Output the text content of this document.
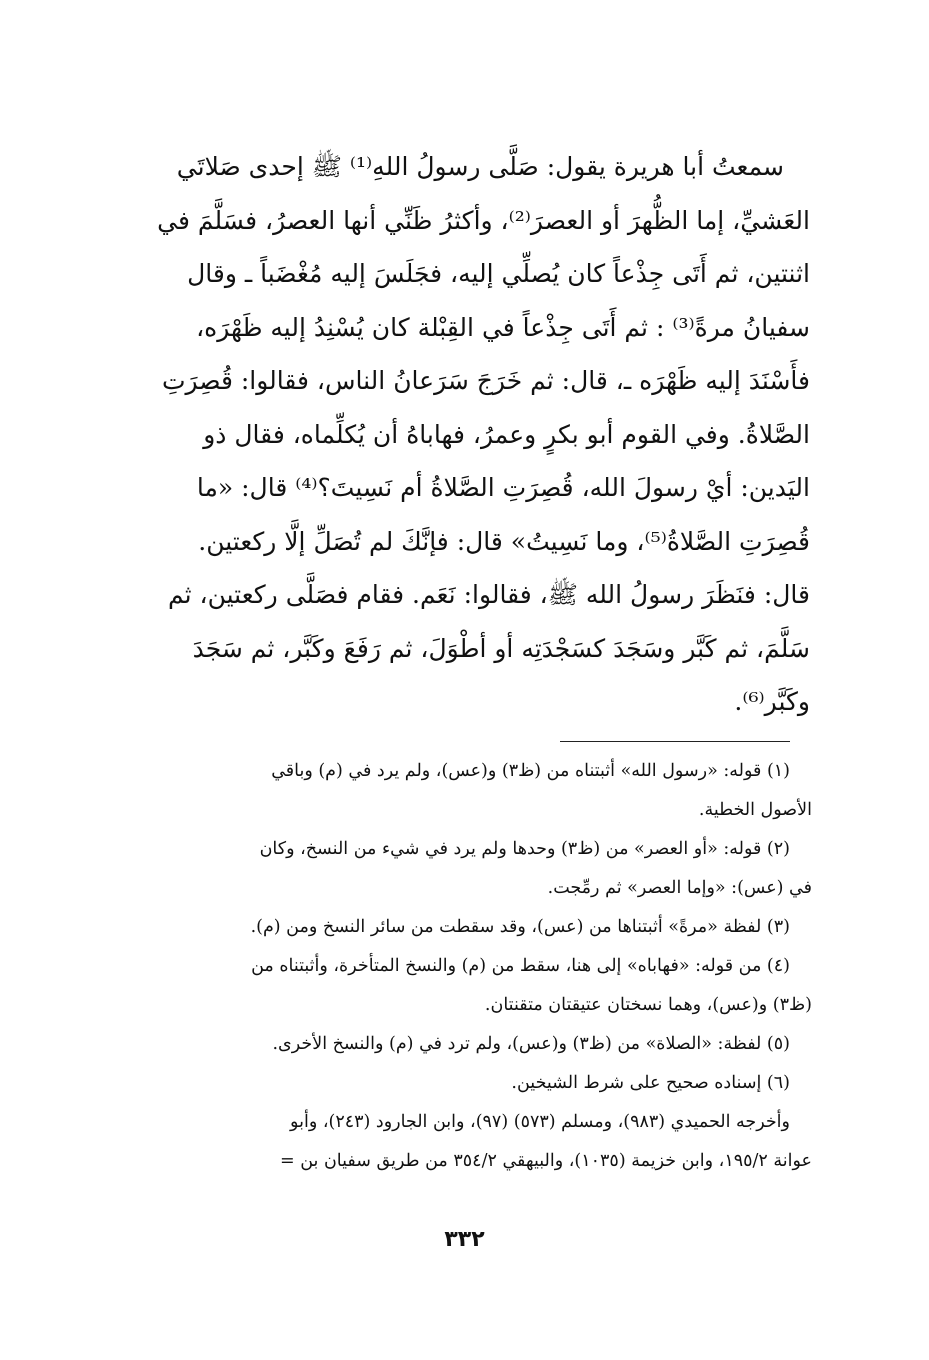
سمعتُ أبا هريرة يقول: صَلَّى رسولُ اللهِ⁽¹⁾ ﷺ إحدى صَلاتَي
العَشيِّ، إما الظُّهرَ أو العصرَ⁽²⁾، وأكثرُ ظَنِّي أنها العصرُ، فسَلَّمَ في
اثنتين، ثم أَتَى جِذْعاً كان يُصلِّي إليه، فجَلَسَ إليه مُغْضَباً ـ وقال
سفيانُ مرةً⁽³⁾ : ثم أَتَى جِذْعاً في القِبْلة كان يُسْنِدُ إليه ظَهْرَه،
فأَسْنَدَ إليه ظَهْرَه ـ، قال: ثم خَرَجَ سَرَعانُ الناس، فقالوا: قُصِرَتِ
الصَّلاةُ. وفي القوم أبو بكرٍ وعمرُ، فهاباهُ أن يُكلِّماه، فقال ذو
اليَدين: أيْ رسولَ الله، قُصِرَتِ الصَّلاةُ أم نَسِيتَ؟⁽⁴⁾ قال: «ما
قُصِرَتِ الصَّلاةُ⁽⁵⁾، وما نَسِيتُ» قال: فإنَّكَ لم تُصَلِّ إلَّا ركعتين.
قال: فنَظَرَ رسولُ الله ﷺ، فقالوا: نَعَم. فقام فصَلَّى ركعتين، ثم
سَلَّمَ، ثم كَبَّر وسَجَدَ كسَجْدَتِه أو أطْوَلَ، ثم رَفَعَ وكَبَّر، ثم سَجَدَ
وكَبَّر⁽⁶⁾.
(١) قوله: «رسول الله» أثبتناه من (ظ٣) و(عس)، ولم يرد في (م) وباقي
الأصول الخطية.
(٢) قوله: «أو العصر» من (ظ٣) وحدها ولم يرد في شيء من النسخ، وكان
في (عس): «وإما العصر» ثم رمِّجت.
(٣) لفظة «مرةً» أثبتناها من (عس)، وقد سقطت من سائر النسخ ومن (م).
(٤) من قوله: «فهاباه» إلى هنا، سقط من (م) والنسخ المتأخرة، وأثبتناه من
(ظ٣) و(عس)، وهما نسختان عتيقتان متقنتان.
(٥) لفظة: «الصلاة» من (ظ٣) و(عس)، ولم ترد في (م) والنسخ الأخرى.
(٦) إسناده صحيح على شرط الشيخين.
وأخرجه الحميدي (٩٨٣)، ومسلم (٥٧٣) (٩٧)، وابن الجارود (٢٤٣)، وأبو
عوانة ١٩٥/٢، وابن خزيمة (١٠٣٥)، والبيهقي ٣٥٤/٢ من طريق سفيان بن =
٣٣٢
